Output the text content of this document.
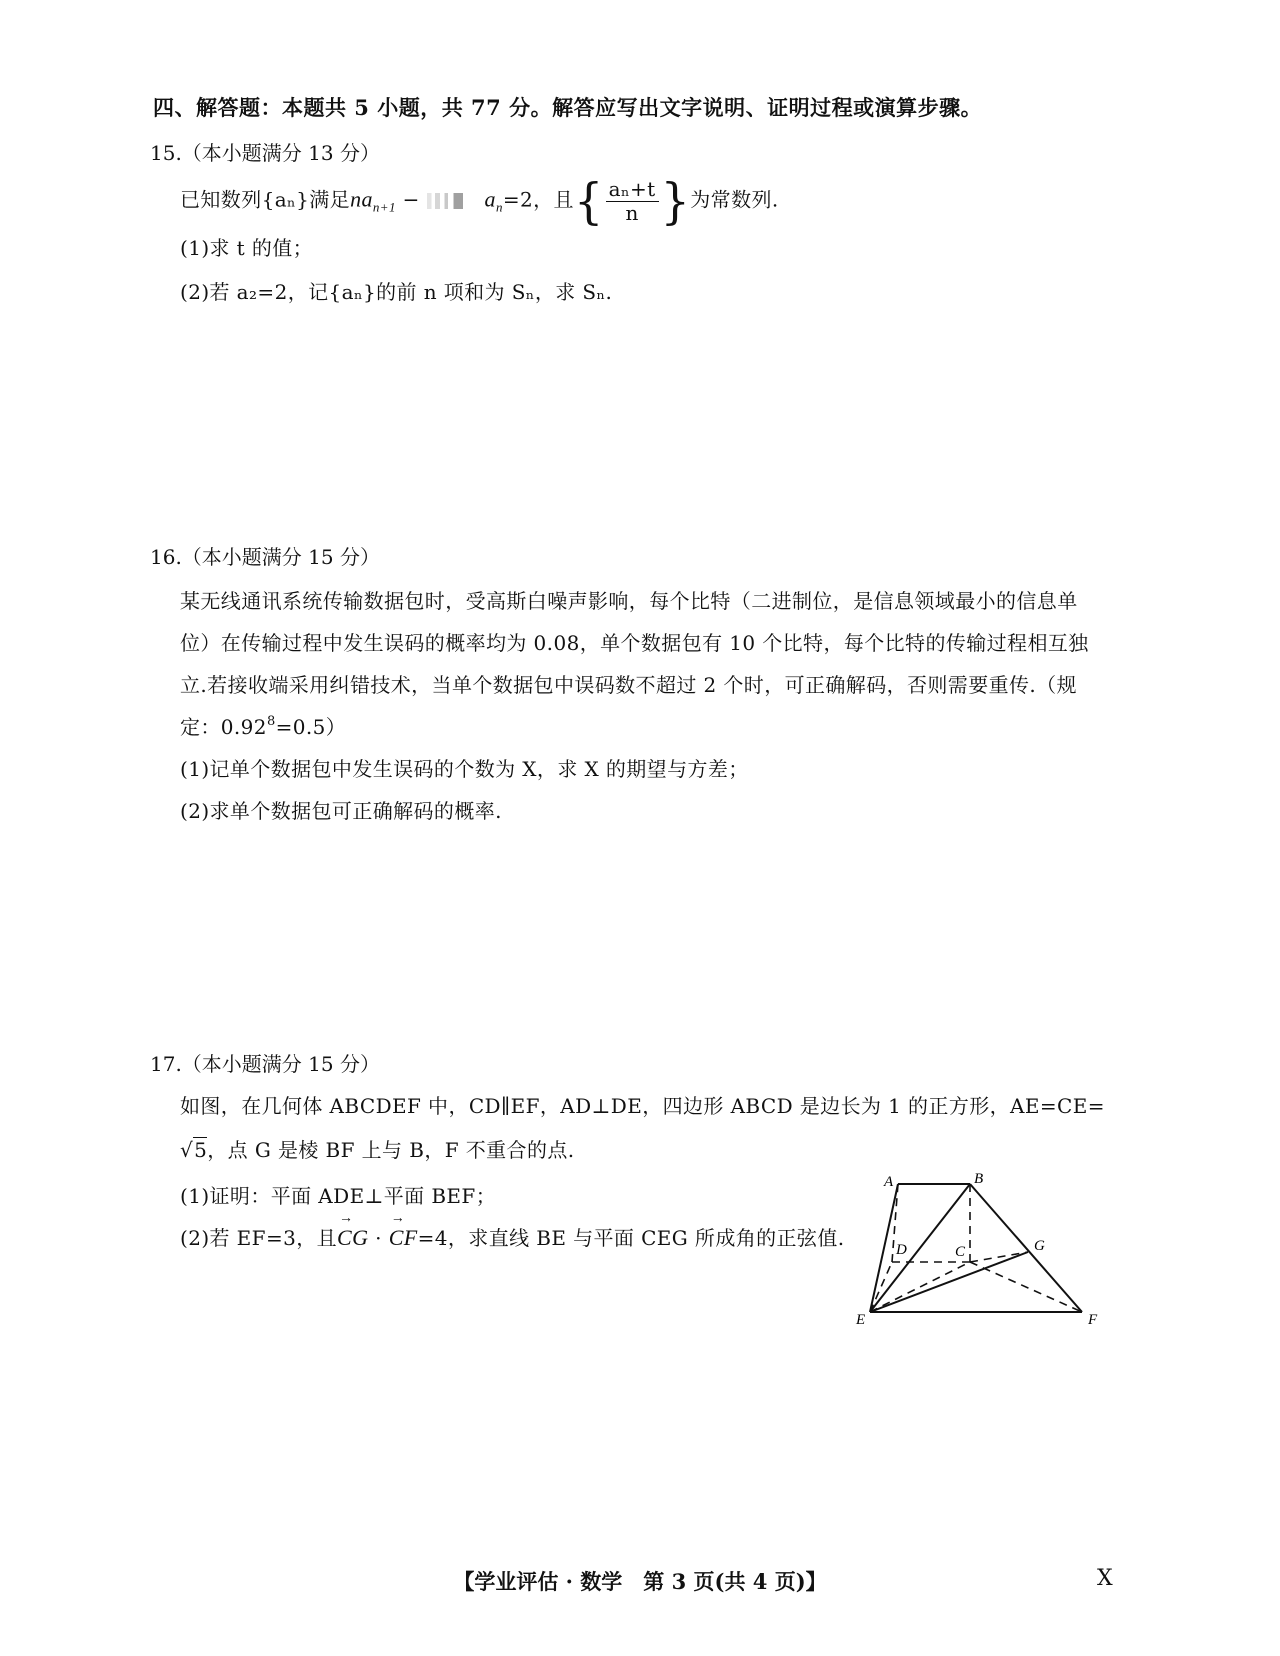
四、解答题：本题共 5 小题，共 77 分。解答应写出文字说明、证明过程或演算步骤。
15.（本小题满分 13 分）
已知数列{aₙ}满足$na_{n+1}$ −	$a_n=2$，且{ $\frac{\text{aₙ+t}}{n}$ }为常数列.
(1)求 t 的值；
(2)若 a₂=2，记{aₙ}的前 n 项和为 Sₙ，求 Sₙ.
16.（本小题满分 15 分）
某无线通讯系统传输数据包时，受高斯白噪声影响，每个比特（二进制位，是信息领域最小的信息单
位）在传输过程中发生误码的概率均为 0.08，单个数据包有 10 个比特，每个比特的传输过程相互独
立.若接收端采用纠错技术，当单个数据包中误码数不超过 2 个时，可正确解码，否则需要重传.（规
定：$0.92^8=0.5$）
(1)记单个数据包中发生误码的个数为 X，求 X 的期望与方差；
(2)求单个数据包可正确解码的概率.
17.（本小题满分 15 分）
如图，在几何体 ABCDEF 中，CD∥EF，AD⊥DE，四边形 ABCD 是边长为 1 的正方形，AE=CE=
√5，点 G 是棱 BF 上与 B，F 不重合的点.
(1)证明：平面 ADE⊥平面 BEF；
(2)若 EF=3，且→ CG · → CF=4，求直线 BE 与平面 CEG 所成角的正弦值.
A	B
C
D
E	F
G
【学业评估 · 数学　第 3 页(共 4 页)】	X
